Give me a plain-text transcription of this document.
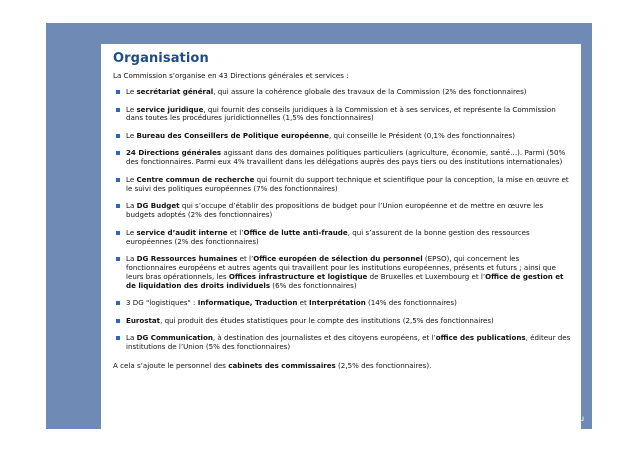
Organisation

La Commission s’organise en 43 Directions générales et services :

Le secrétariat général, qui assure la cohérence globale des travaux de la Commission (2% des fonctionnaires)
Le service juridique, qui fournit des conseils juridiques à la Commission et à ses services, et représente la Commission dans toutes les procédures juridictionnelles (1,5% des fonctionnaires)
Le Bureau des Conseillers de Politique européenne, qui conseille le Président (0,1% des fonctionnaires)
24 Directions générales agissant dans des domaines politiques particuliers (agriculture, économie, santé…). Parmi (50% des fonctionnaires. Parmi eux 4% travaillent dans les délégations auprès des pays tiers ou des institutions internationales)
Le Centre commun de recherche qui fournit du support technique et scientifique pour la conception, la mise en œuvre et le suivi des politiques européennes (7% des fonctionnaires)
La DG Budget qui s’occupe d’établir des propositions de budget pour l’Union européenne et de mettre en œuvre les budgets adoptés (2% des fonctionnaires)
Le service d’audit interne et l’Office de lutte anti-fraude, qui s’assurent de la bonne gestion des ressources européennes (2% des fonctionnaires)
La DG Ressources humaines et l’Office européen de sélection du personnel (EPSO), qui concernent les fonctionnaires européens et autres agents qui travaillent pour les institutions européennes, présents et futurs ; ainsi que leurs bras opérationnels, les Offices infrastructure et logistique de Bruxelles et Luxembourg et l’Office de gestion et de liquidation des droits individuels (6% des fonctionnaires)
3 DG "logistiques" : Informatique, Traduction et Interprétation (14% des fonctionnaires)
Eurostat, qui produit des études statistiques pour le compte des institutions (2,5% des fonctionnaires)
La DG Communication, à destination des journalistes et des citoyens européens, et l’office des publications, éditeur des institutions de l’Union (5% des fonctionnaires)

A cela s’ajoute le personnel des cabinets des commissaires (2,5% des fonctionnaires).

Source: touteleurope.eu
